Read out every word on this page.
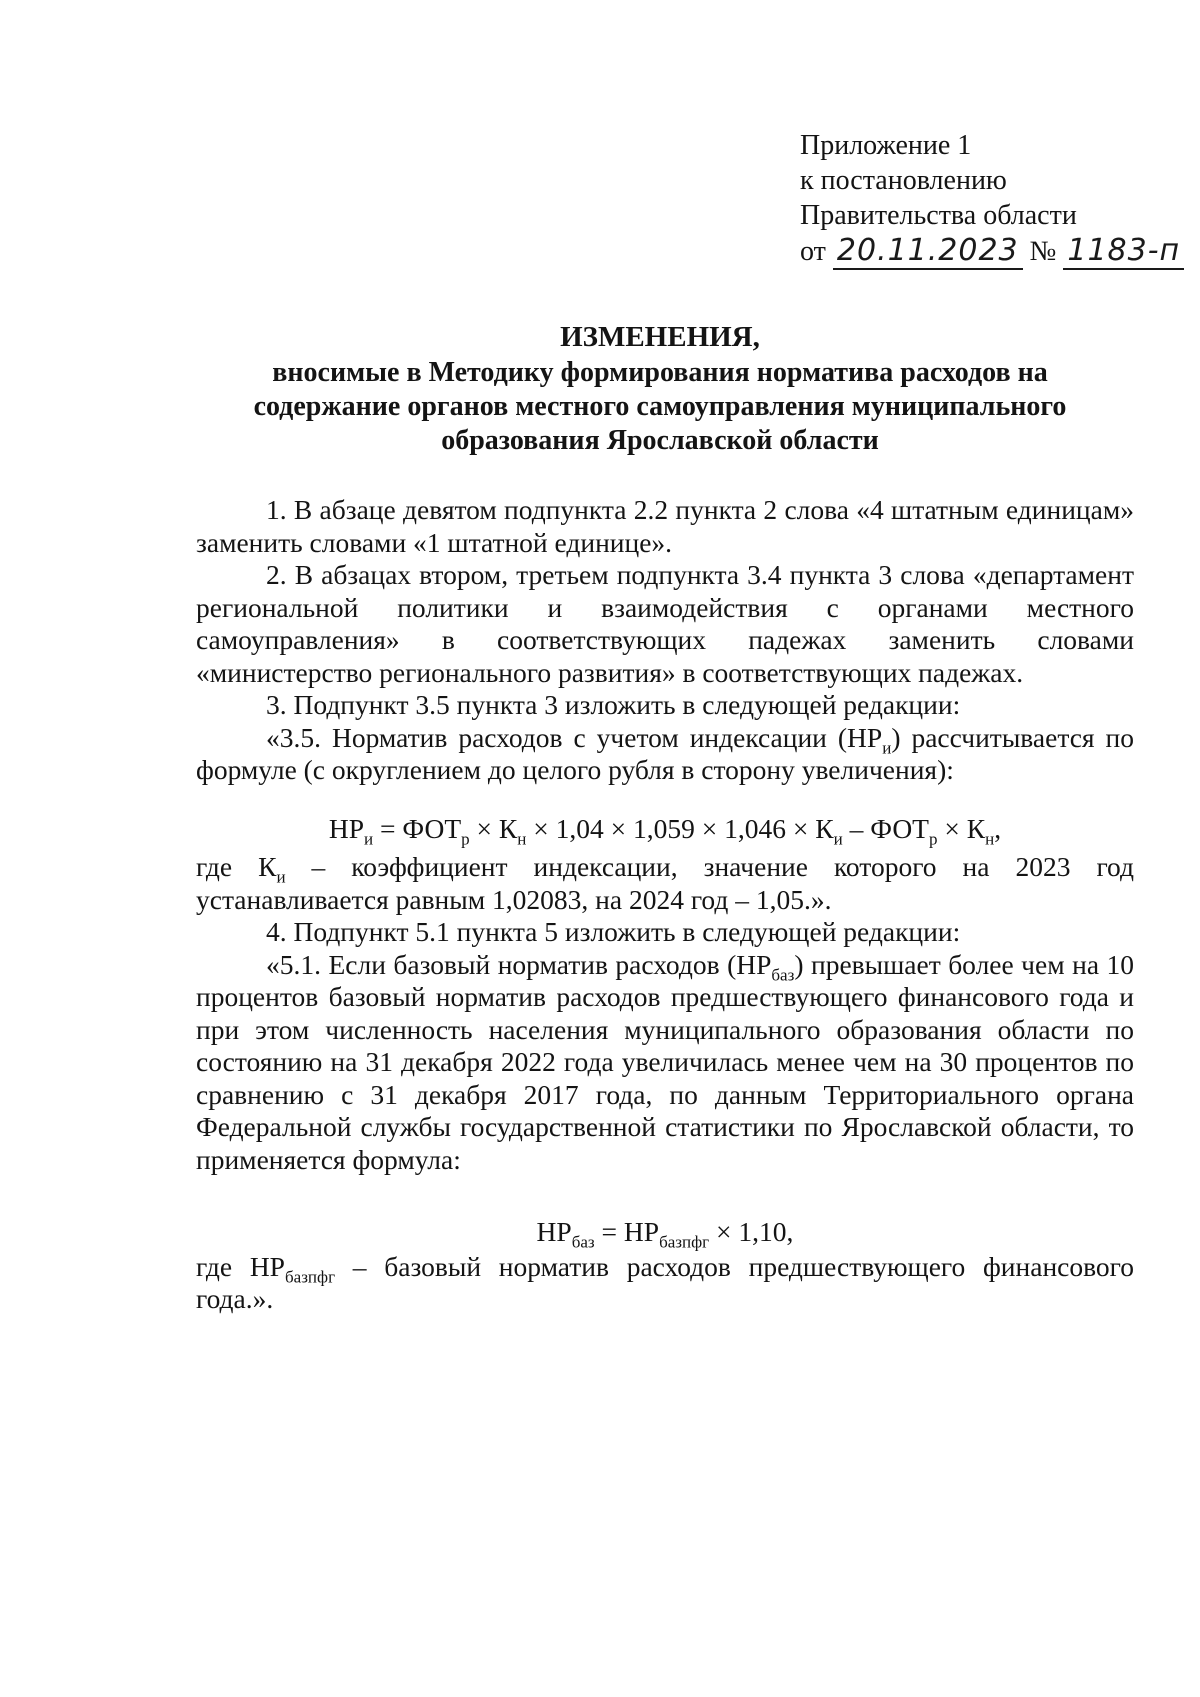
Приложение 1
к постановлению
Правительства области
от 20.11.2023 № 1183-п
ИЗМЕНЕНИЯ,
вносимые в Методику формирования норматива расходов на
содержание органов местного самоуправления муниципального
образования Ярославской области

1. В абзаце девятом подпункта 2.2 пункта 2 слова «4 штатным единицам» заменить словами «1 штатной единице».

2. В абзацах втором, третьем подпункта 3.4 пункта 3 слова «департамент региональной политики и взаимодействия с органами местного самоуправления» в соответствующих падежах заменить словами «министерство регионального развития» в соответствующих падежах.

3. Подпункт 3.5 пункта 3 изложить в следующей редакции:

«3.5. Норматив расходов с учетом индексации $(НР_и)$ рассчитывается по формуле (с округлением до целого рубля в сторону увеличения):

$НР_и = ФОТ_р \times К_н \times 1,04 \times 1,059 \times 1,046 \times К_и - ФОТ_р \times К_н$,

где $К_и$ – коэффициент индексации, значение которого на 2023 год устанавливается равным 1,02083, на 2024 год – 1,05.».

4. Подпункт 5.1 пункта 5 изложить в следующей редакции:

«5.1. Если базовый норматив расходов $(НР_{баз})$ превышает более чем на 10 процентов базовый норматив расходов предшествующего финансового года и при этом численность населения муниципального образования области по состоянию на 31 декабря 2022 года увеличилась менее чем на 30 процентов по сравнению с 31 декабря 2017 года, по данным Территориального органа Федеральной службы государственной статистики по Ярославской области, то применяется формула:

$НР_{баз} = НР_{базпфг} \times 1,10$,

где $НР_{базпфг}$ – базовый норматив расходов предшествующего финансового года.».
